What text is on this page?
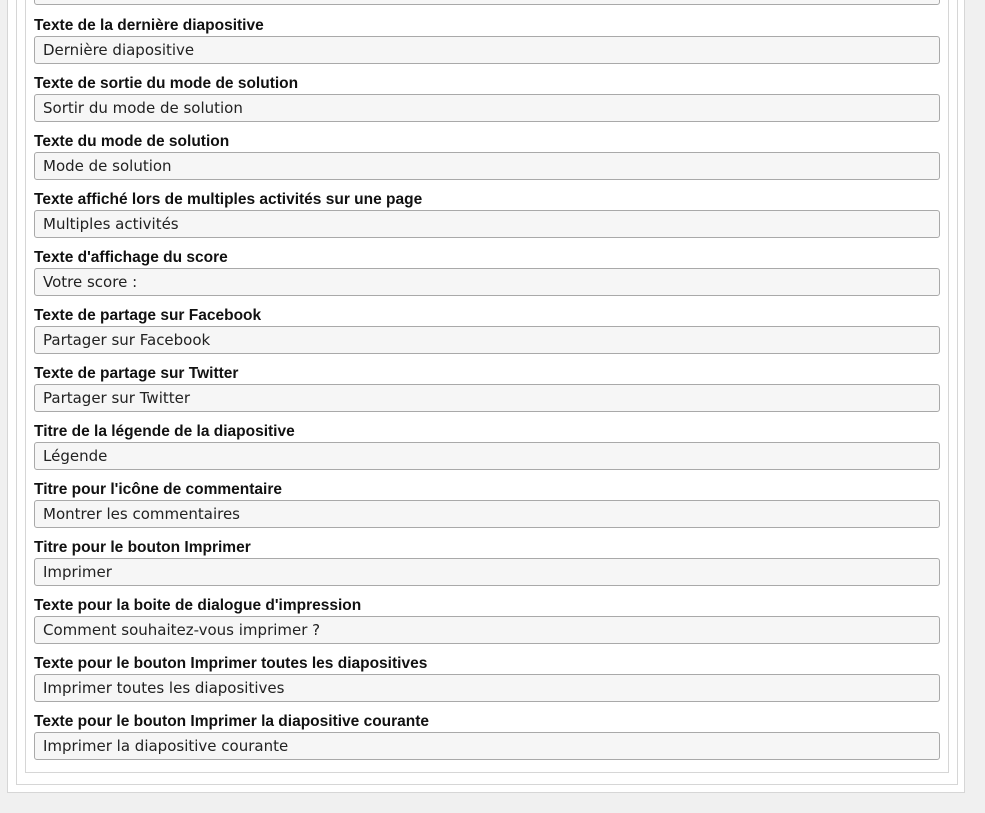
Texte de la dernière diapositive
Dernière diapositive
Texte de sortie du mode de solution
Sortir du mode de solution
Texte du mode de solution
Mode de solution
Texte affiché lors de multiples activités sur une page
Multiples activités
Texte d'affichage du score
Votre score :
Texte de partage sur Facebook
Partager sur Facebook
Texte de partage sur Twitter
Partager sur Twitter
Titre de la légende de la diapositive
Légende
Titre pour l'icône de commentaire
Montrer les commentaires
Titre pour le bouton Imprimer
Imprimer
Texte pour la boite de dialogue d'impression
Comment souhaitez-vous imprimer ?
Texte pour le bouton Imprimer toutes les diapositives
Imprimer toutes les diapositives
Texte pour le bouton Imprimer la diapositive courante
Imprimer la diapositive courante
